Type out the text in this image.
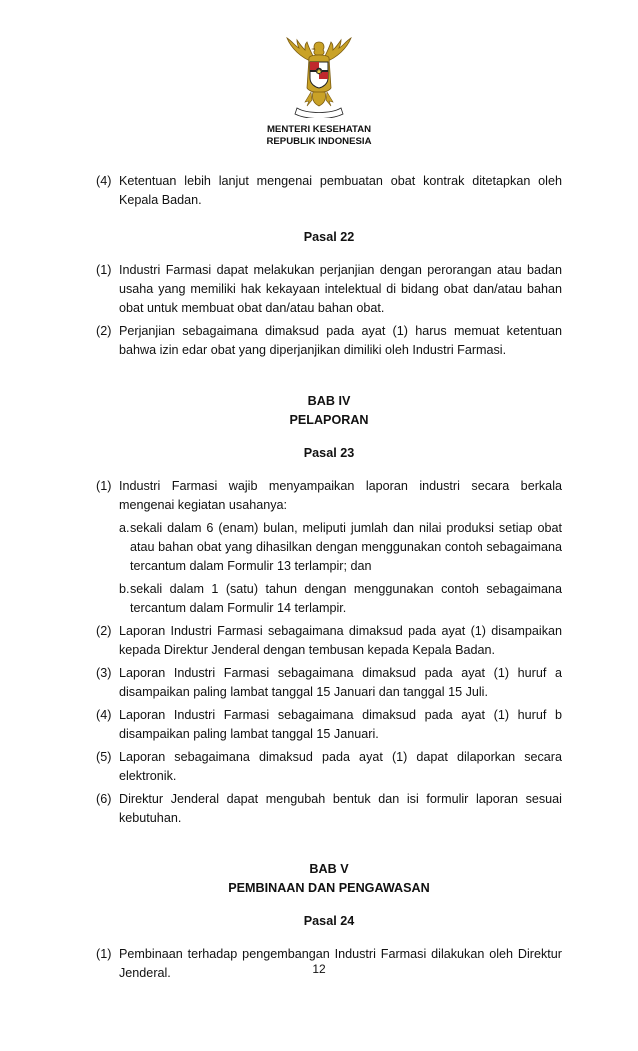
MENTERI KESEHATAN
REPUBLIK INDONESIA
(4) Ketentuan lebih lanjut mengenai pembuatan obat kontrak ditetapkan oleh Kepala Badan.
Pasal 22
(1) Industri Farmasi dapat melakukan perjanjian dengan perorangan atau badan usaha yang memiliki hak kekayaan intelektual di bidang obat dan/atau bahan obat untuk membuat obat dan/atau bahan obat.
(2) Perjanjian sebagaimana dimaksud pada ayat (1) harus memuat ketentuan bahwa izin edar obat yang diperjanjikan dimiliki oleh Industri Farmasi.
BAB IV
PELAPORAN
Pasal 23
(1) Industri Farmasi wajib menyampaikan laporan industri secara berkala mengenai kegiatan usahanya:
a. sekali dalam 6 (enam) bulan, meliputi jumlah dan nilai produksi setiap obat atau bahan obat yang dihasilkan dengan menggunakan contoh sebagaimana tercantum dalam Formulir 13 terlampir; dan
b. sekali dalam 1 (satu) tahun dengan menggunakan contoh sebagaimana tercantum dalam Formulir 14 terlampir.
(2) Laporan Industri Farmasi sebagaimana dimaksud pada ayat (1) disampaikan kepada Direktur Jenderal dengan tembusan kepada Kepala Badan.
(3) Laporan Industri Farmasi sebagaimana dimaksud pada ayat (1) huruf a disampaikan paling lambat tanggal 15 Januari dan tanggal 15 Juli.
(4) Laporan Industri Farmasi sebagaimana dimaksud pada ayat (1) huruf b disampaikan paling lambat tanggal 15 Januari.
(5) Laporan sebagaimana dimaksud pada ayat (1) dapat dilaporkan secara elektronik.
(6) Direktur Jenderal dapat mengubah bentuk dan isi formulir laporan sesuai kebutuhan.
BAB V
PEMBINAAN DAN PENGAWASAN
Pasal 24
(1) Pembinaan terhadap pengembangan Industri Farmasi dilakukan oleh Direktur Jenderal.	12
